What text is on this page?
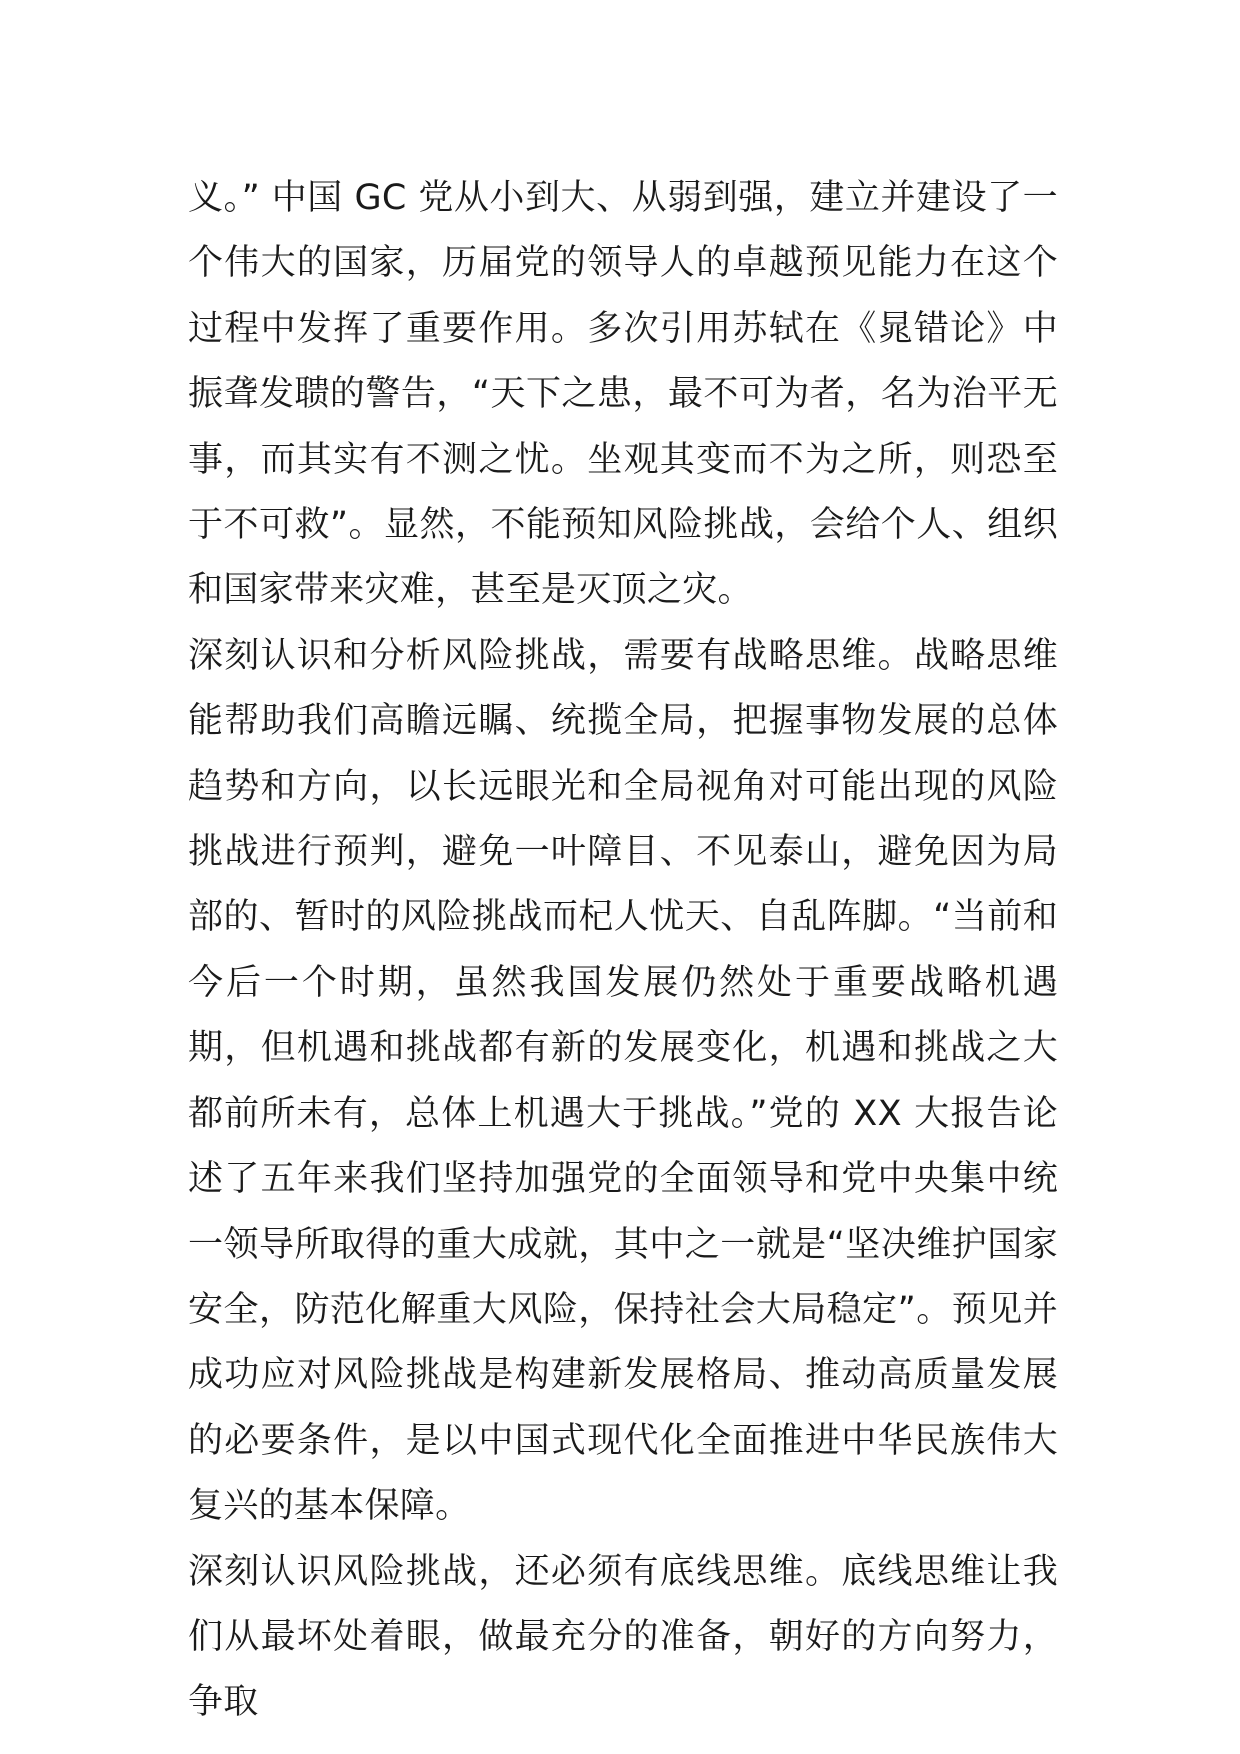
义。” 中国 GC 党从小到大、从弱到强，建立并建设了一个伟大的国家，历届党的领导人的卓越预见能力在这个过程中发挥了重要作用。多次引用苏轼在《晁错论》中振聋发聩的警告，“天下之患，最不可为者，名为治平无事，而其实有不测之忧。坐观其变而不为之所，则恐至于不可救”。显然，不能预知风险挑战，会给个人、组织和国家带来灾难，甚至是灭顶之灾。

深刻认识和分析风险挑战，需要有战略思维。战略思维能帮助我们高瞻远瞩、统揽全局，把握事物发展的总体趋势和方向，以长远眼光和全局视角对可能出现的风险挑战进行预判，避免一叶障目、不见泰山，避免因为局部的、暂时的风险挑战而杞人忧天、自乱阵脚。“当前和今后一个时期，虽然我国发展仍然处于重要战略机遇期，但机遇和挑战都有新的发展变化，机遇和挑战之大都前所未有，总体上机遇大于挑战。”党的 XX 大报告论述了五年来我们坚持加强党的全面领导和党中央集中统一领导所取得的重大成就，其中之一就是“坚决维护国家安全，防范化解重大风险，保持社会大局稳定”。预见并成功应对风险挑战是构建新发展格局、推动高质量发展的必要条件，是以中国式现代化全面推进中华民族伟大复兴的基本保障。

深刻认识风险挑战，还必须有底线思维。底线思维让我们从最坏处着眼，做最充分的准备，朝好的方向努力，争取
